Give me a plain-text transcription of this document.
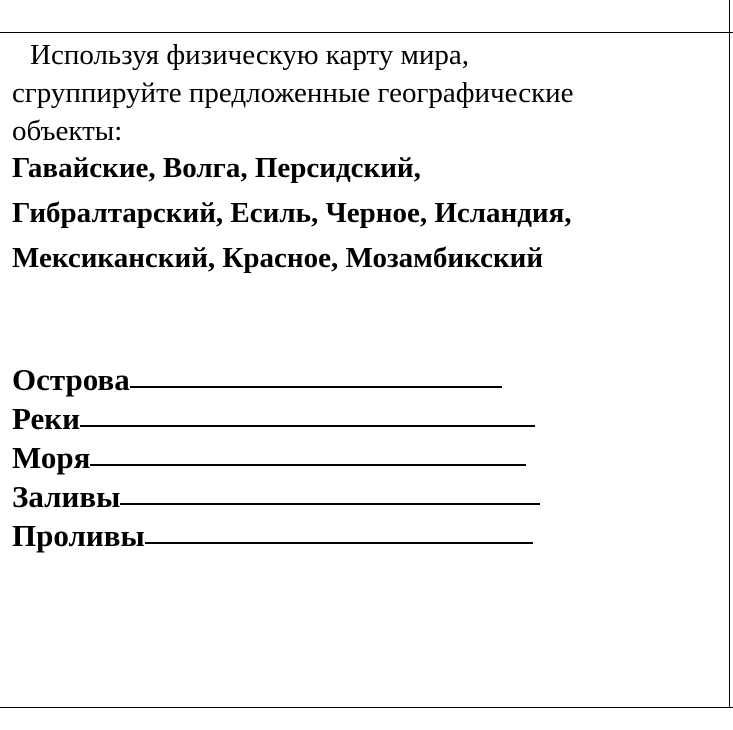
Используя физическую карту мира,
сгруппируйте предложенные географические
объекты:

Гавайские, Волга, Персидский,
Гибралтарский, Есиль, Черное, Исландия,
Мексиканский, Красное, Мозамбикский

Острова
Реки
Моря
Заливы
Проливы
